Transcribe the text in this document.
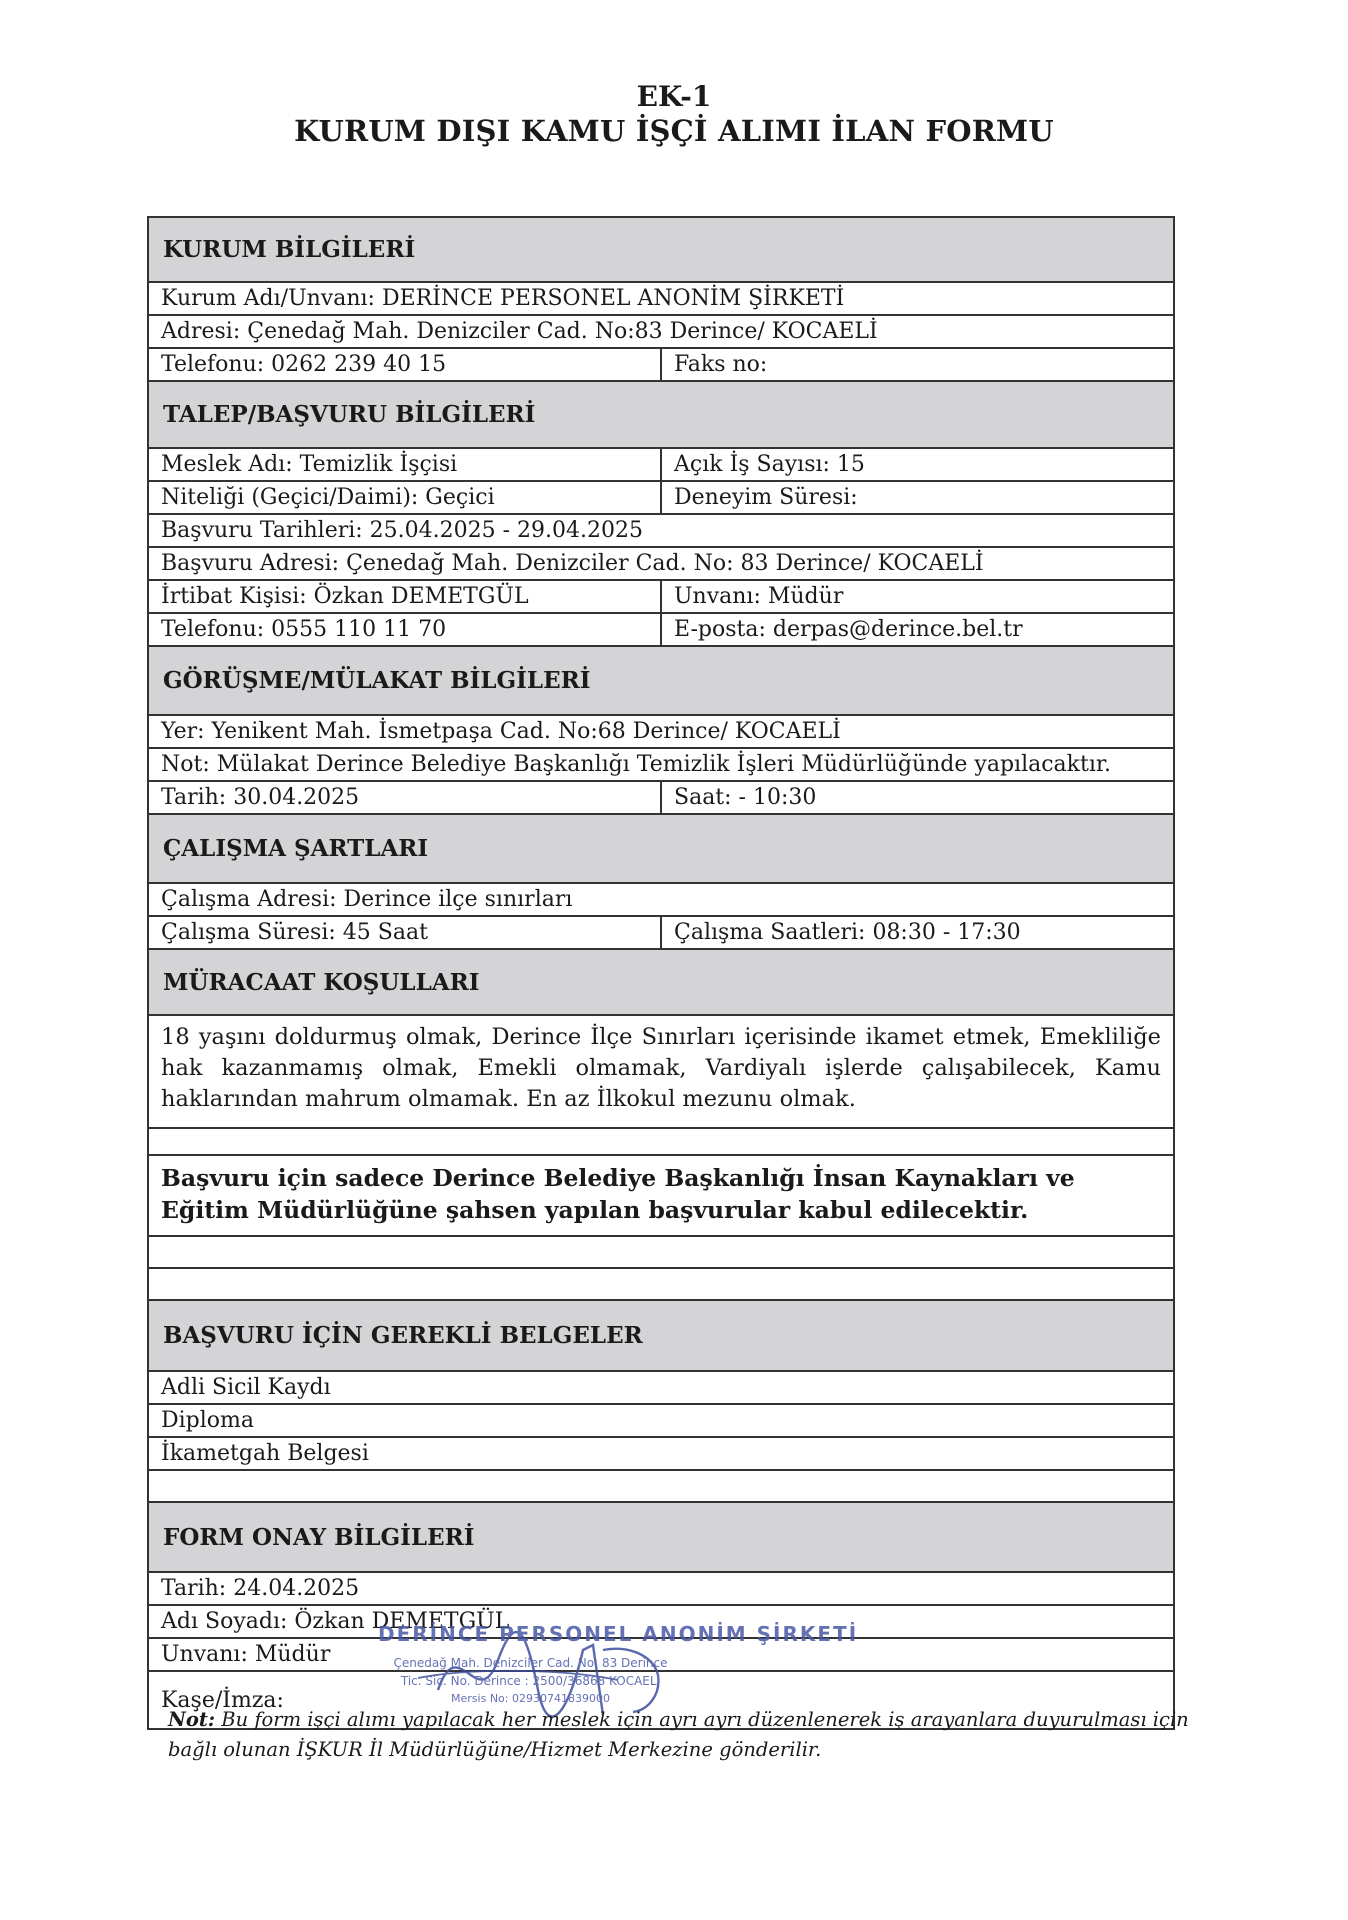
EK-1
KURUM DIŞI KAMU İŞÇİ ALIMI İLAN FORMU
KURUM BİLGİLERİ
Kurum Adı/Unvanı: DERİNCE PERSONEL ANONİM ŞİRKETİ
Adresi: Çenedağ Mah. Denizciler Cad. No:83 Derince/ KOCAELİ
Telefonu: 0262 239 40 15	Faks no:
TALEP/BAŞVURU BİLGİLERİ
Meslek Adı: Temizlik İşçisi	Açık İş Sayısı: 15
Niteliği (Geçici/Daimi): Geçici	Deneyim Süresi:
Başvuru Tarihleri: 25.04.2025 - 29.04.2025
Başvuru Adresi: Çenedağ Mah. Denizciler Cad. No: 83 Derince/ KOCAELİ
İrtibat Kişisi: Özkan DEMETGÜL	Unvanı: Müdür
Telefonu: 0555 110 11 70	E-posta: derpas@derince.bel.tr
GÖRÜŞME/MÜLAKAT BİLGİLERİ
Yer: Yenikent Mah. İsmetpaşa Cad. No:68 Derince/ KOCAELİ
Not: Mülakat Derince Belediye Başkanlığı Temizlik İşleri Müdürlüğünde yapılacaktır.
Tarih: 30.04.2025	Saat: - 10:30
ÇALIŞMA ŞARTLARI
Çalışma Adresi: Derince ilçe sınırları
Çalışma Süresi: 45 Saat	Çalışma Saatleri: 08:30 - 17:30
MÜRACAAT KOŞULLARI
18 yaşını doldurmuş olmak, Derince İlçe Sınırları içerisinde ikamet etmek, Emekliliğe hak kazanmamış olmak, Emekli olmamak, Vardiyalı işlerde çalışabilecek, Kamu haklarından mahrum olmamak. En az İlkokul mezunu olmak.
Başvuru için sadece Derince Belediye Başkanlığı İnsan Kaynakları ve Eğitim Müdürlüğüne şahsen yapılan başvurular kabul edilecektir.
BAŞVURU İÇİN GEREKLİ BELGELER
Adli Sicil Kaydı
Diploma
İkametgah Belgesi
FORM ONAY BİLGİLERİ
Tarih: 24.04.2025
Adı Soyadı: Özkan DEMETGÜL
Unvanı: Müdür
Kaşe/İmza:
DERİNCE PERSONEL ANONİM ŞİRKETİ
Çenedağ Mah. Denizciler Cad. No: 83 Derince
Tic. Sic. No. Derince : 2500/36868 KOCAELİ
Mersis No: 02930741839000
Not: Bu form işçi alımı yapılacak her meslek için ayrı ayrı düzenlenerek iş arayanlara duyurulması için bağlı olunan İŞKUR İl Müdürlüğüne/Hizmet Merkezine gönderilir.
